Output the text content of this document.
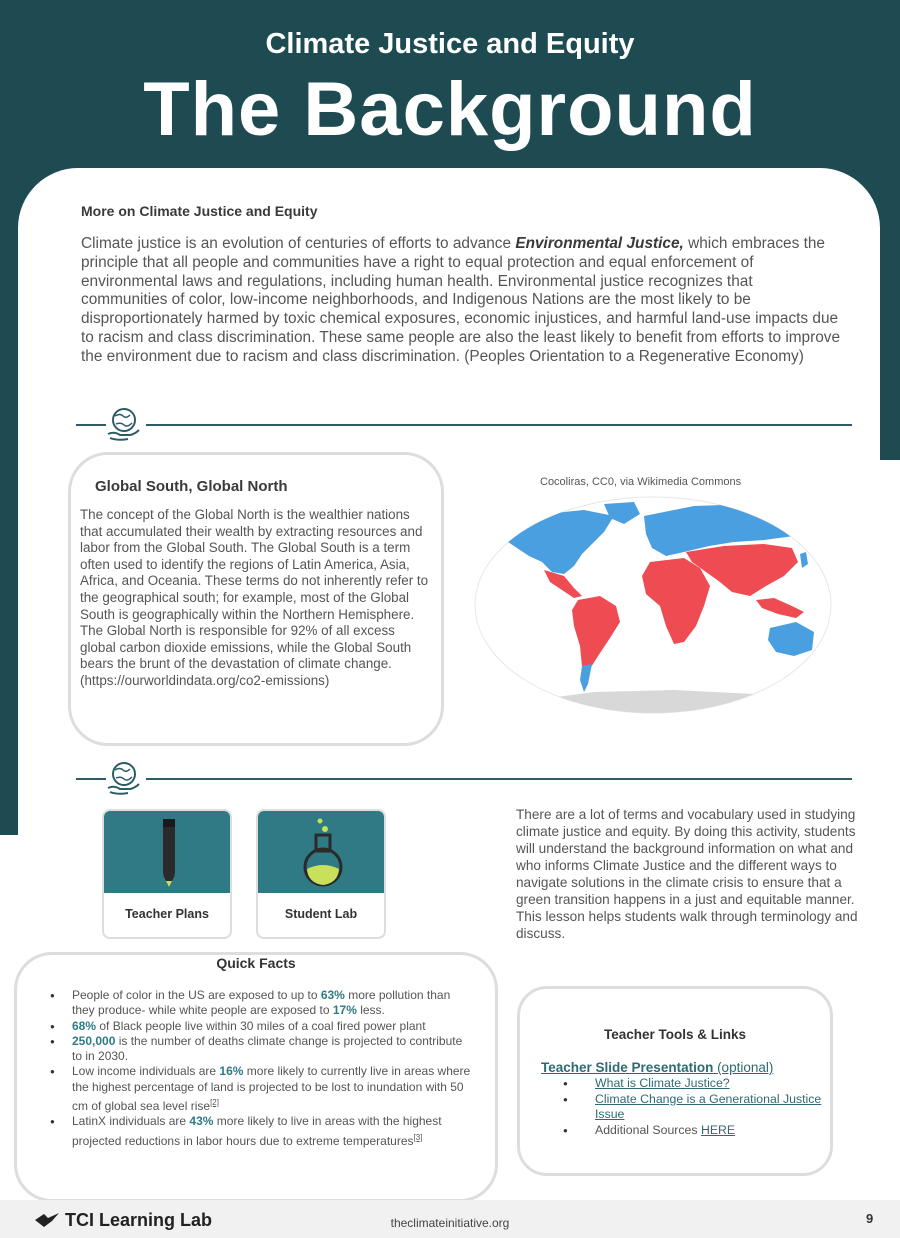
Climate Justice and Equity
The Background
More on Climate Justice and Equity

Climate justice is an evolution of centuries of efforts to advance Environmental Justice, which embraces the principle that all people and communities have a right to equal protection and equal enforcement of environmental laws and regulations, including human health. Environmental justice recognizes that communities of color, low-income neighborhoods, and Indigenous Nations are the most likely to be disproportionately harmed by toxic chemical exposures, economic injustices, and harmful land-use impacts due to racism and class discrimination. These same people are also the least likely to benefit from efforts to improve the environment due to racism and class discrimination. (Peoples Orientation to a Regenerative Economy)

Global South, Global North

The concept of the Global North is the wealthier nations that accumulated their wealth by extracting resources and labor from the Global South. The Global South is a term often used to identify the regions of Latin America, Asia, Africa, and Oceania. These terms do not inherently refer to the geographical south; for example, most of the Global South is geographically within the Northern Hemisphere. The Global North is responsible for 92% of all excess global carbon dioxide emissions, while the Global South bears the brunt of the devastation of climate change. (https://ourworldindata.org/co2-emissions)

Cocoliras, CC0, via Wikimedia Commons
Teacher Plans	Student Lab

There are a lot of terms and vocabulary used in studying climate justice and equity. By doing this activity, students will understand the background information on what and who informs Climate Justice and the different ways to navigate solutions in the climate crisis to ensure that a green transition happens in a just and equitable manner. This lesson helps students walk through terminology and discuss.

Quick Facts
● People of color in the US are exposed to up to 63% more pollution than they produce- while white people are exposed to 17% less.
● 68% of Black people live within 30 miles of a coal fired power plant
● 250,000 is the number of deaths climate change is projected to contribute to in 2030.
● Low income individuals are 16% more likely to currently live in areas where the highest percentage of land is projected to be lost to inundation with 50 cm of global sea level rise[2]
● LatinX individuals are 43% more likely to live in areas with the highest projected reductions in labor hours due to extreme temperatures[3]
Teacher Tools & Links
Teacher Slide Presentation (optional)
● What is Climate Justice?
● Climate Change is a Generational Justice Issue
● Additional Sources HERE
TCI Learning Lab	theclimateinitiative.org	9
